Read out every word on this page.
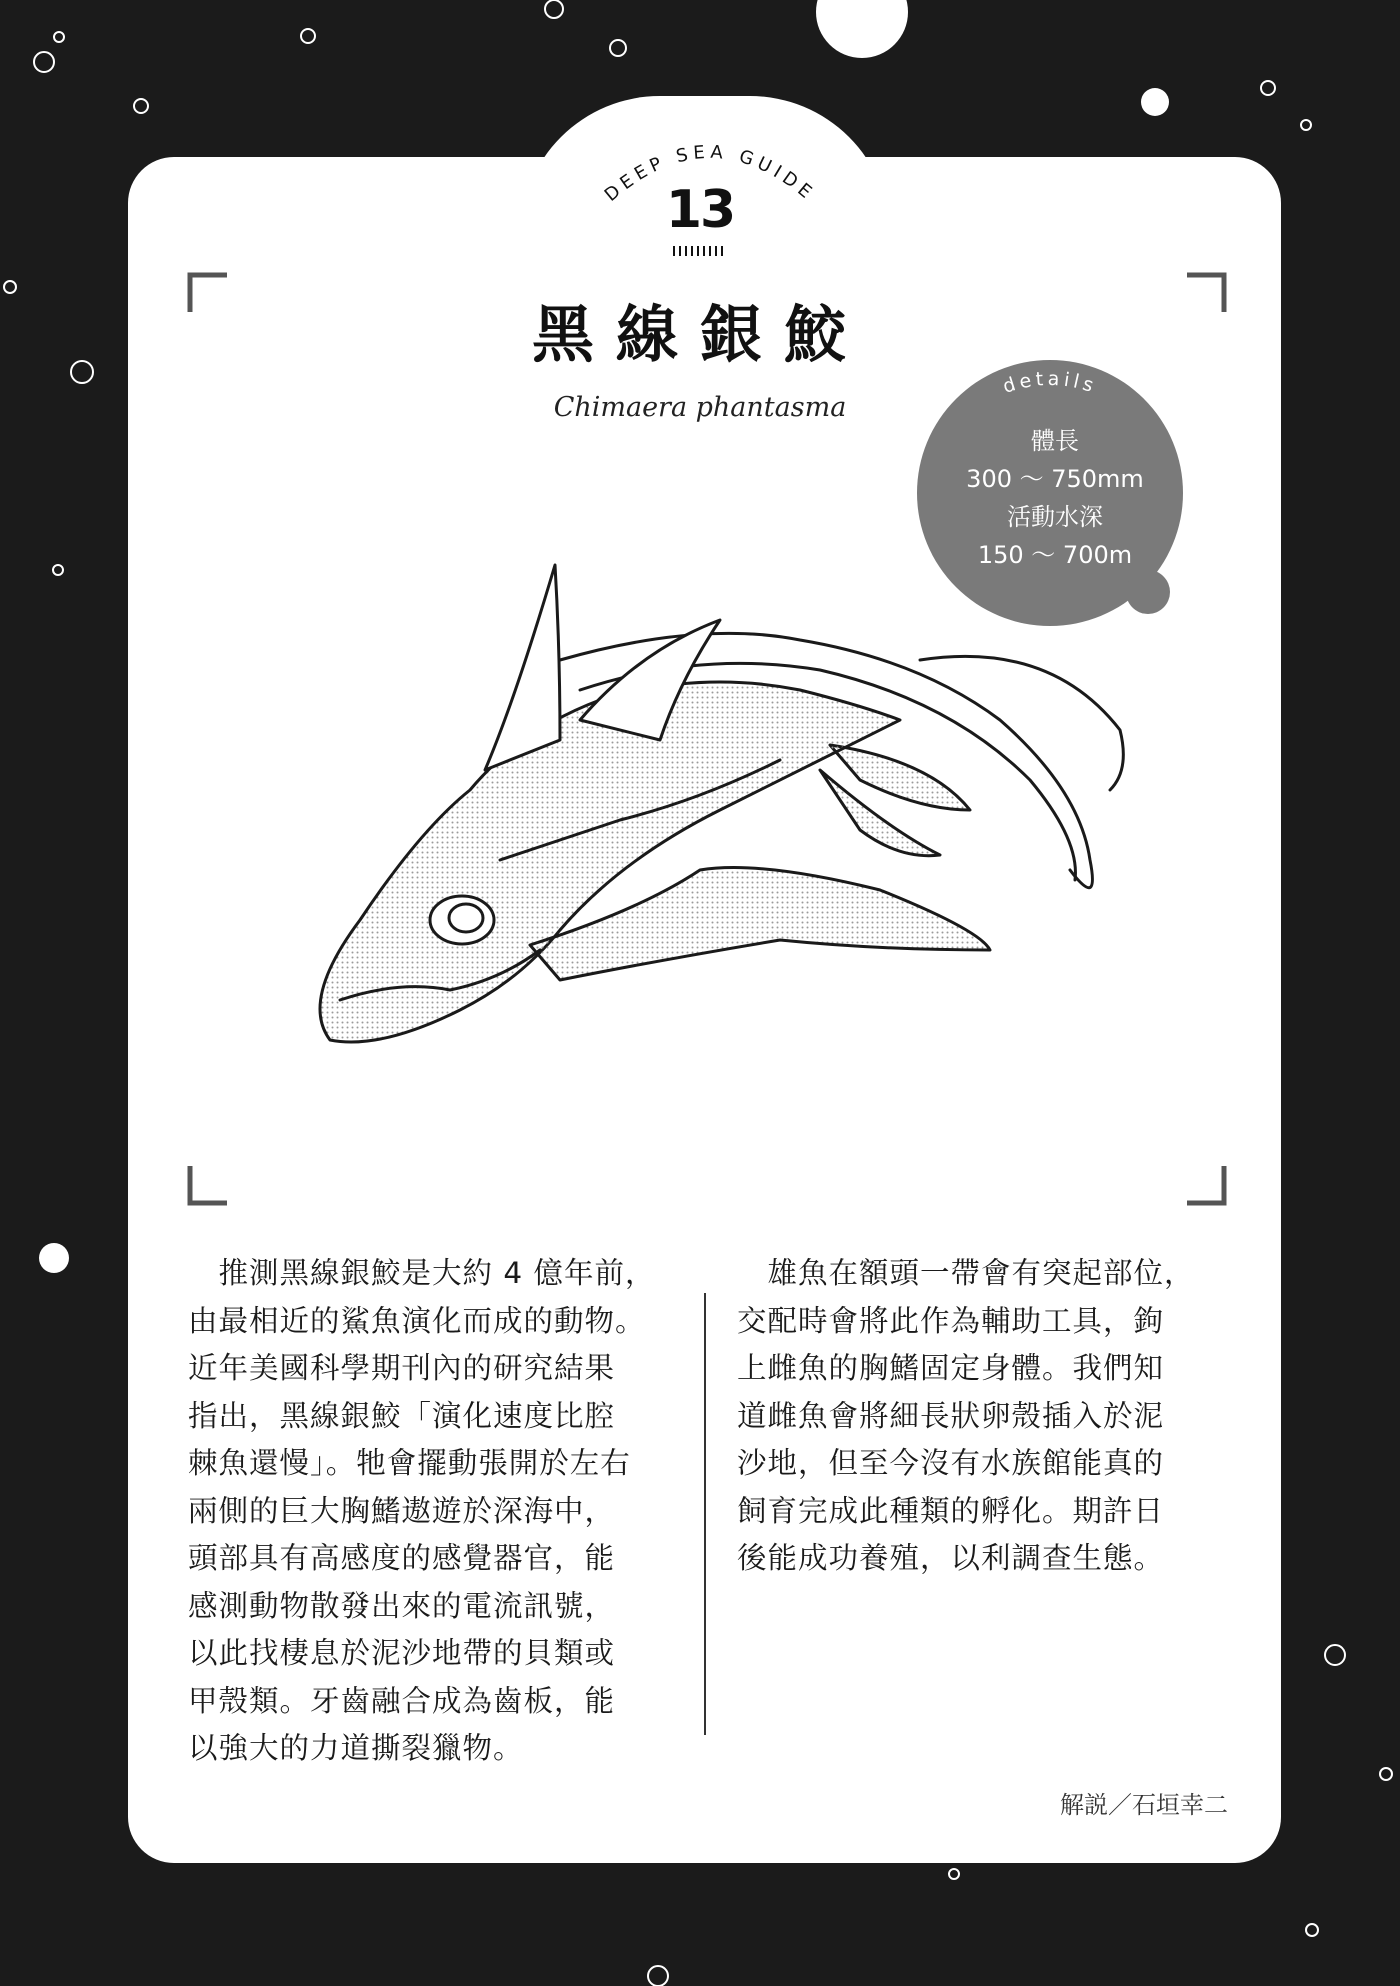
DEEP SEA GUIDE
13
黑線銀鮫
Chimaera phantasma
details
體長
300 ～ 750mm
活動水深
150 ～ 700m
　推測黑線銀鮫是大約 4 億年前，
由最相近的鯊魚演化而成的動物。
近年美國科學期刊內的研究結果
指出，黑線銀鮫「演化速度比腔
棘魚還慢」。牠會擺動張開於左右
兩側的巨大胸鰭遨遊於深海中，
頭部具有高感度的感覺器官，能
感測動物散發出來的電流訊號，
以此找棲息於泥沙地帶的貝類或
甲殼類。牙齒融合成為齒板，能
以強大的力道撕裂獵物。
　雄魚在額頭一帶會有突起部位，
交配時會將此作為輔助工具，鉤
上雌魚的胸鰭固定身體。我們知
道雌魚會將細長狀卵殼插入於泥
沙地，但至今沒有水族館能真的
飼育完成此種類的孵化。期許日
後能成功養殖，以利調查生態。
解説／石垣幸二
